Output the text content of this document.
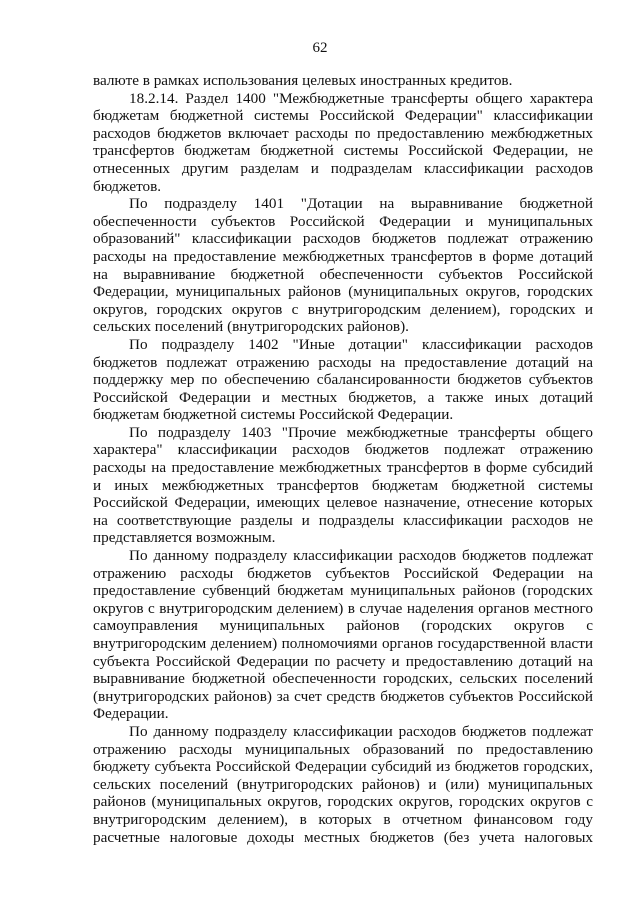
62

валюте в рамках использования целевых иностранных кредитов.

18.2.14. Раздел 1400 "Межбюджетные трансферты общего характера бюджетам бюджетной системы Российской Федерации" классификации расходов бюджетов включает расходы по предоставлению межбюджетных трансфертов бюджетам бюджетной системы Российской Федерации, не отнесенных другим разделам и подразделам классификации расходов бюджетов.

По подразделу 1401 "Дотации на выравнивание бюджетной обеспеченности субъектов Российской Федерации и муниципальных образований" классификации расходов бюджетов подлежат отражению расходы на предоставление межбюджетных трансфертов в форме дотаций на выравнивание бюджетной обеспеченности субъектов Российской Федерации, муниципальных районов (муниципальных округов, городских округов, городских округов с внутригородским делением), городских и сельских поселений (внутригородских районов).

По подразделу 1402 "Иные дотации" классификации расходов бюджетов подлежат отражению расходы на предоставление дотаций на поддержку мер по обеспечению сбалансированности бюджетов субъектов Российской Федерации и местных бюджетов, а также иных дотаций бюджетам бюджетной системы Российской Федерации.

По подразделу 1403 "Прочие межбюджетные трансферты общего характера" классификации расходов бюджетов подлежат отражению расходы на предоставление межбюджетных трансфертов в форме субсидий и иных межбюджетных трансфертов бюджетам бюджетной системы Российской Федерации, имеющих целевое назначение, отнесение которых на соответствующие разделы и подразделы классификации расходов не представляется возможным.

По данному подразделу классификации расходов бюджетов подлежат отражению расходы бюджетов субъектов Российской Федерации на предоставление субвенций бюджетам муниципальных районов (городских округов с внутригородским делением) в случае наделения органов местного самоуправления муниципальных районов (городских округов с внутригородским делением) полномочиями органов государственной власти субъекта Российской Федерации по расчету и предоставлению дотаций на выравнивание бюджетной обеспеченности городских, сельских поселений (внутригородских районов) за счет средств бюджетов субъектов Российской Федерации.

По данному подразделу классификации расходов бюджетов подлежат отражению расходы муниципальных образований по предоставлению бюджету субъекта Российской Федерации субсидий из бюджетов городских, сельских поселений (внутригородских районов) и (или) муниципальных районов (муниципальных округов, городских округов, городских округов с внутригородским делением), в которых в отчетном финансовом году расчетные налоговые доходы местных бюджетов (без учета налоговых
